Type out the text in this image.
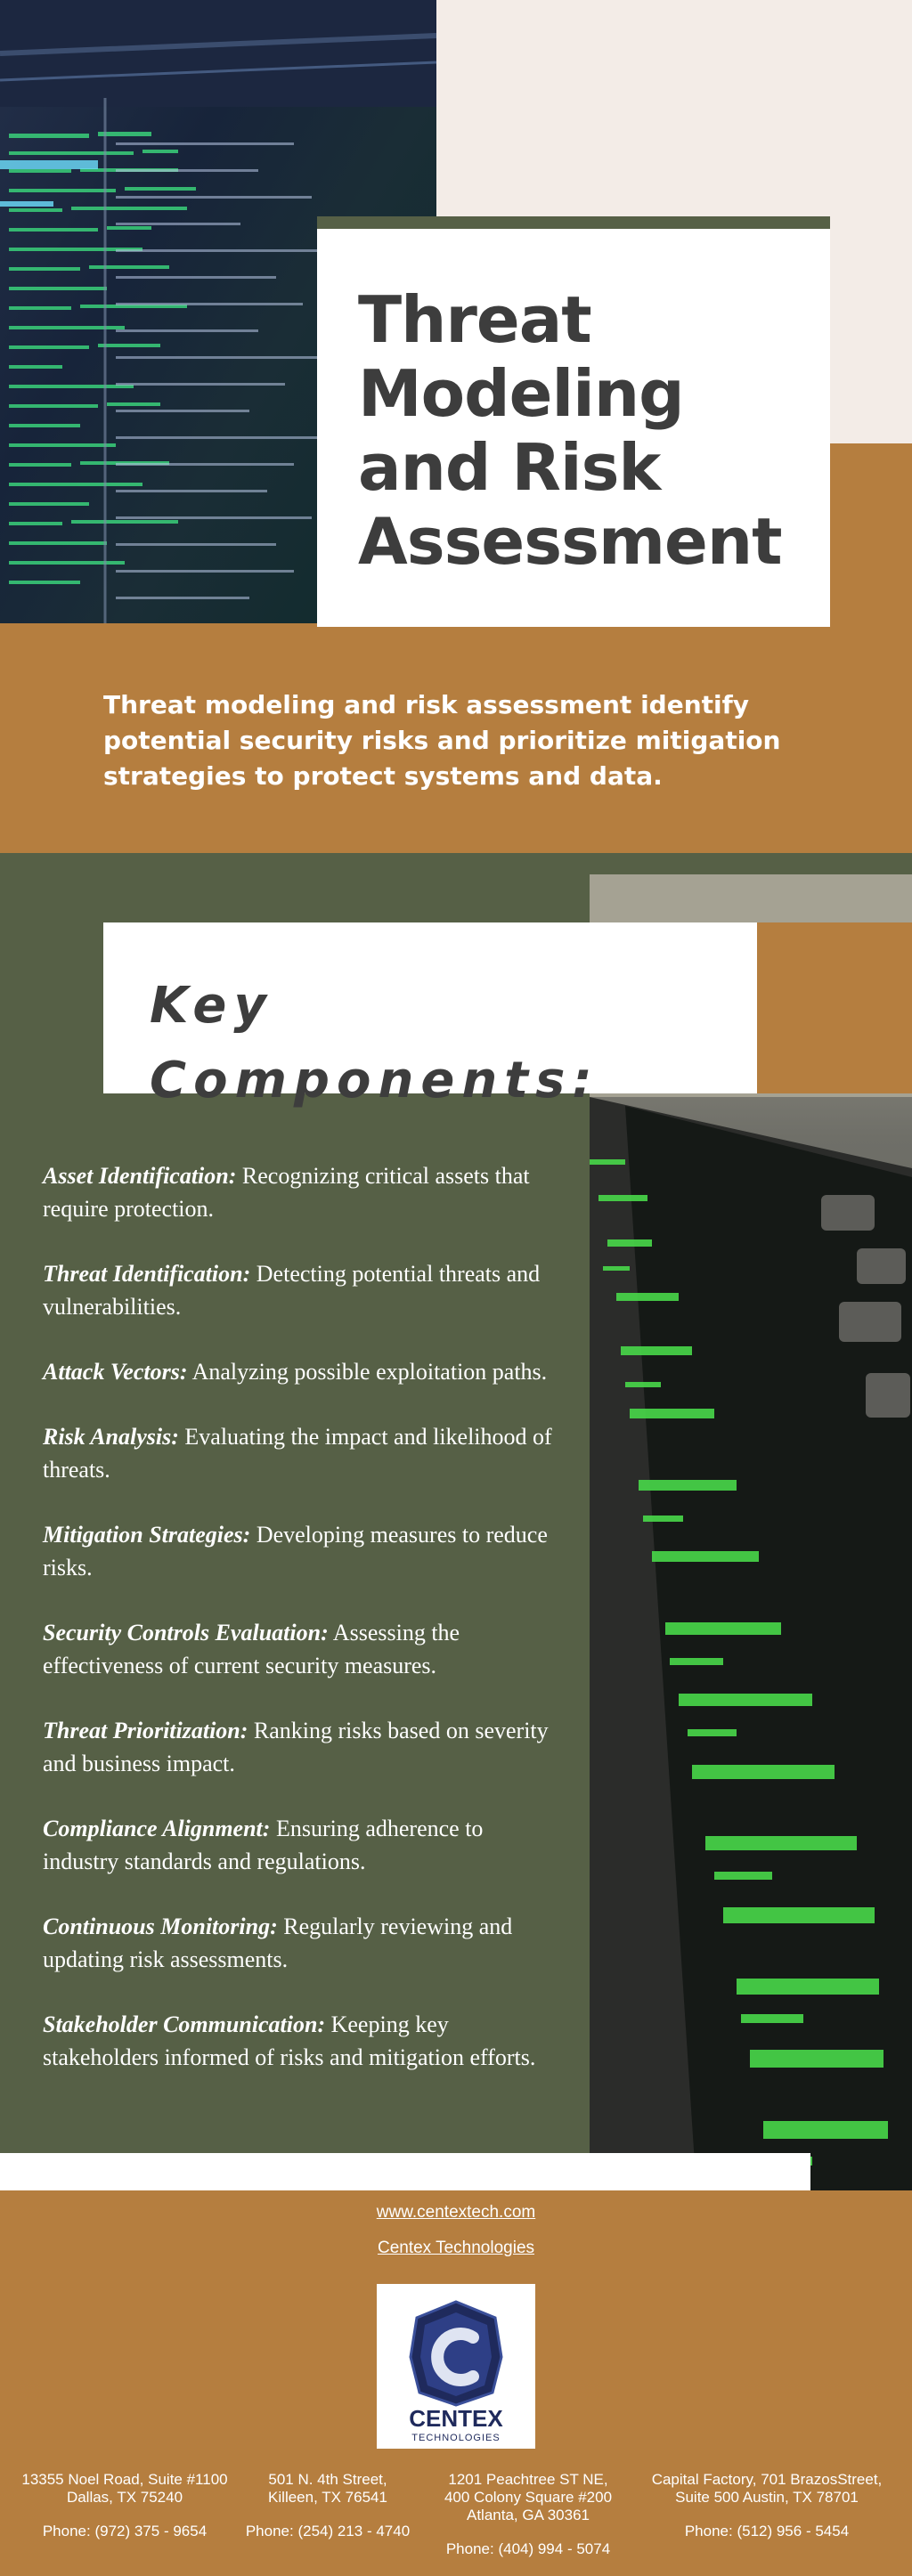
Threat Modeling and Risk Assessment
Threat modeling and risk assessment identify potential security risks and prioritize mitigation strategies to protect systems and data.
Key Components:
Asset Identification: Recognizing critical assets that require protection.
Threat Identification: Detecting potential threats and vulnerabilities.
Attack Vectors: Analyzing possible exploitation paths.
Risk Analysis: Evaluating the impact and likelihood of threats.
Mitigation Strategies: Developing measures to reduce risks.
Security Controls Evaluation: Assessing the effectiveness of current security measures.
Threat Prioritization: Ranking risks based on severity and business impact.
Compliance Alignment: Ensuring adherence to industry standards and regulations.
Continuous Monitoring: Regularly reviewing and updating risk assessments.
Stakeholder Communication: Keeping key stakeholders informed of risks and mitigation efforts.
www.centextech.com
Centex Technologies
CENTEX
TECHNOLOGIES
13355 Noel Road, Suite #1100
Dallas, TX 75240
Phone: (972) 375 - 9654
501 N. 4th Street,
Killeen, TX 76541
Phone: (254) 213 - 4740
1201 Peachtree ST NE,
400 Colony Square #200
Atlanta, GA 30361
Phone: (404) 994 - 5074
Capital Factory, 701 BrazosStreet,
Suite 500 Austin, TX 78701
Phone: (512) 956 - 5454
